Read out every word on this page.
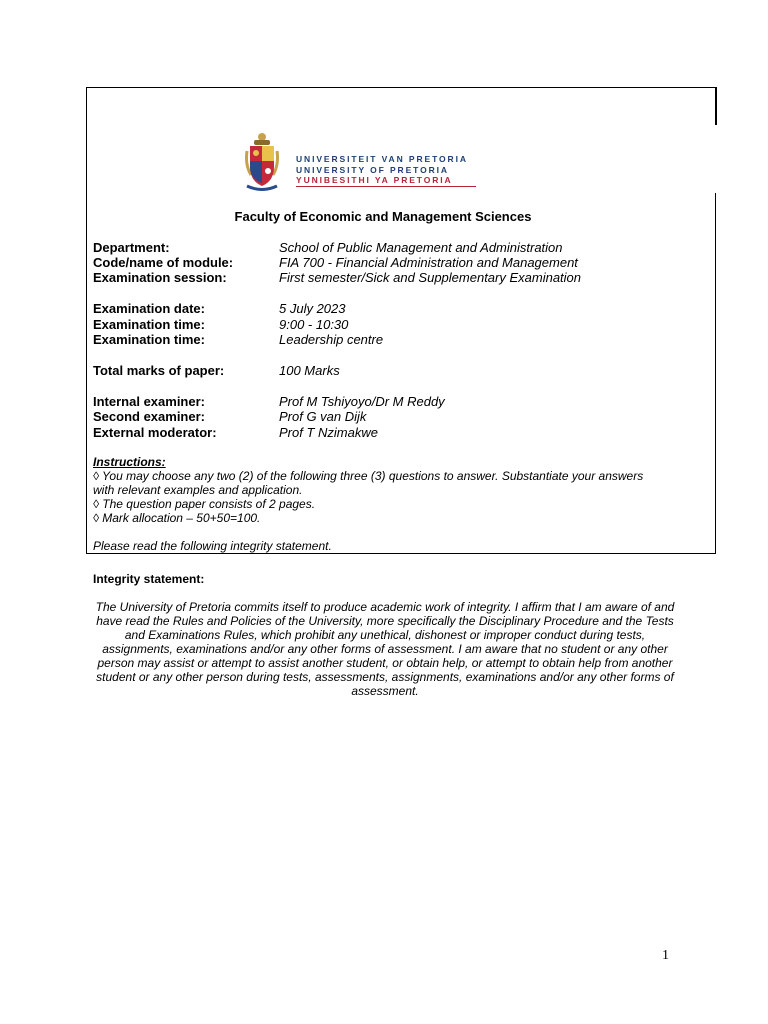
UNIVERSITEIT VAN PRETORIA
UNIVERSITY OF PRETORIA
YUNIBESITHI YA PRETORIA
Faculty of Economic and Management Sciences
Department:	School of Public Management and Administration
Code/name of module:	FIA 700 - Financial Administration and Management
Examination session:	First semester/Sick and Supplementary Examination
Examination date:	5 July 2023
Examination time:	9:00 - 10:30
Examination time:	Leadership centre
Total marks of paper:	100 Marks
Internal examiner:	Prof M Tshiyoyo/Dr M Reddy
Second examiner:	Prof G van Dijk
External moderator:	Prof T Nzimakwe
Instructions:
◊ You may choose any two (2) of the following three (3) questions to answer. Substantiate your answers with relevant examples and application.
◊ The question paper consists of 2 pages.
◊ Mark allocation – 50+50=100.
Please read the following integrity statement.
Integrity statement:
The University of Pretoria commits itself to produce academic work of integrity. I affirm that I am aware of and have read the Rules and Policies of the University, more specifically the Disciplinary Procedure and the Tests and Examinations Rules, which prohibit any unethical, dishonest or improper conduct during tests, assignments, examinations and/or any other forms of assessment. I am aware that no student or any other person may assist or attempt to assist another student, or obtain help, or attempt to obtain help from another student or any other person during tests, assessments, assignments, examinations and/or any other forms of assessment.
1
